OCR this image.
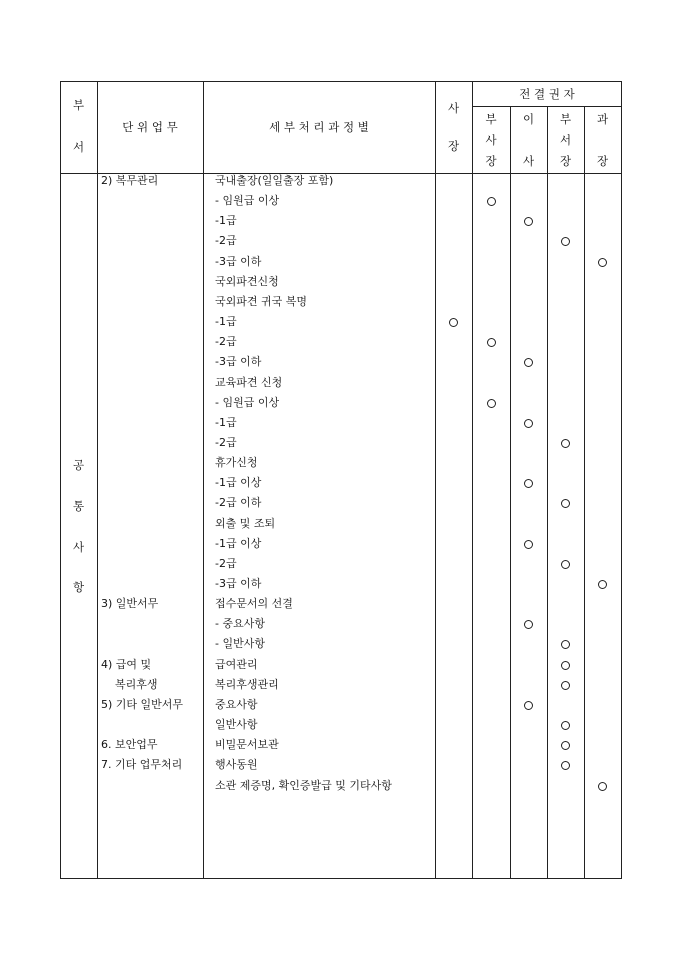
부
서
단 위 업 무	세 부 처 리 과 정 별
사
장
전 결 권 자
부
사
장
이
사
부
서
장
과
장
공
통
사
항
2) 복무관리
3) 일반서무
4) 급여 및
복리후생
5) 기타 일반서무
6. 보안업무
7. 기타 업무처리
국내출장(일일출장 포함)
- 임원급 이상
-1급
-2급
-3급 이하
국외파견신청
국외파견 귀국 복명
-1급
-2급
-3급 이하
교육파견 신청
- 임원급 이상
-1급
-2급
휴가신청
-1급 이상
-2급 이하
외출 및 조퇴
-1급 이상
-2급
-3급 이하
접수문서의 선결
- 중요사항
- 일반사항
급여관리
복리후생관리
중요사항
일반사항
비밀문서보관
행사동원
소관 제증명, 확인증발급 및 기타사항
